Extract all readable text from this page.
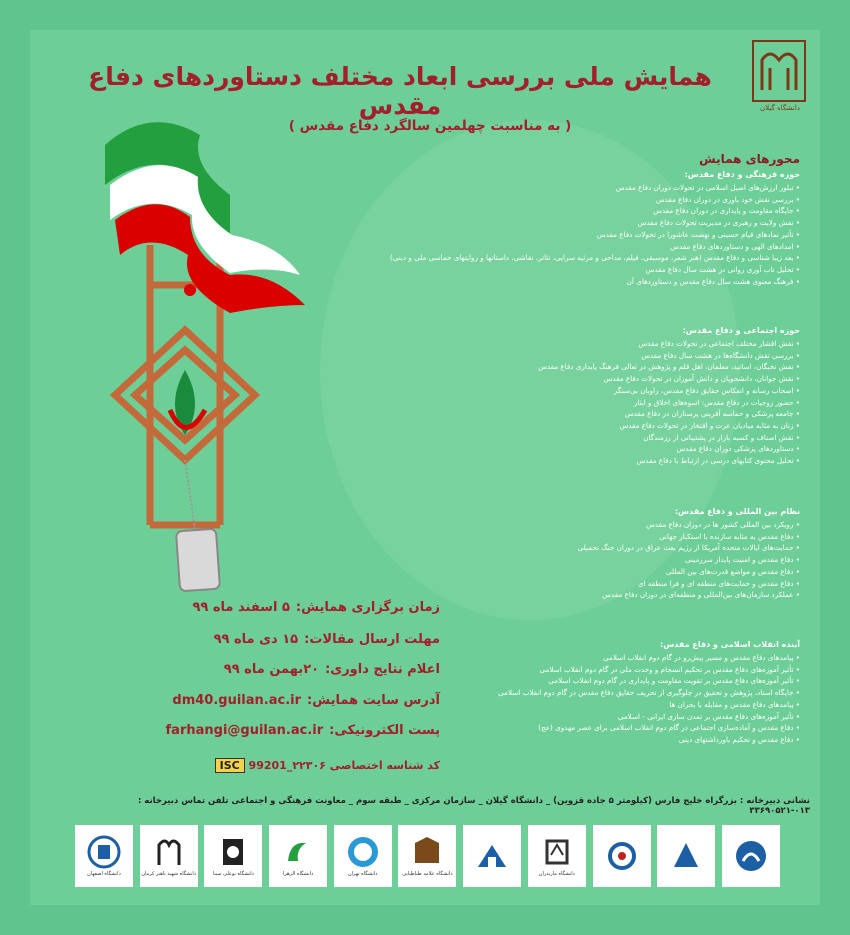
دانشگاه گیلان
همایش ملی بررسی ابعاد مختلف دستاوردهای دفاع مقدس
( به مناسبت چهلمین سالگرد دفاع مقدس )
محورهای همایش
حوزه فرهنگی و دفاع مقدس:
• تبلور ارزش‌های اصیل اسلامی در تحولات دوران دفاع مقدس
• بررسی نقش خود باوری در دوران دفاع مقدس
• جایگاه مقاومت و پایداری در دوران دفاع مقدس
• نقش ولایت و رهبری در مدیریت تحولات دفاع مقدس
• تأثیر نمادهای قیام حسینی و نهضت عاشورا در تحولات دفاع مقدس
• امدادهای الهی و دستاوردهای دفاع مقدس
• بعد زیبا شناسی و دفاع مقدس (هنر شعر، موسیقی، فیلم، مداحی و مرثیه سرایی، تئاتر، نقاشی، داستانها و روایتهای حماسی ملی و دینی)
• تحلیل تاب آوری روانی در هشت سال دفاع مقدس
• فرهنگ معنوی هشت سال دفاع مقدس و دستاوردهای آن
حوزه اجتماعی و دفاع مقدس:
• نقش اقشار مختلف اجتماعی در تحولات دفاع مقدس
• بررسی نقش دانشگاه‌ها در هشت سال دفاع مقدس
• نقش نخبگان، اساتید، معلمان، اهل قلم و پژوهش در تعالی فرهنگ پایداری دفاع مقدس
• نقش جوانان، دانشجویان و دانش آموزان در تحولات دفاع مقدس
• اصحاب رسانه و انعکاس حقایق دفاع مقدس، راویان بی‌سنگر
• حضور زوجیات در دفاع مقدس: اسوه‌های اخلاق و ایثار
• جامعه پزشکی و حماسه آفرینی پرستاران در دفاع مقدس
• زنان به مثابه میادیان عزت و افتخار در تحولات دفاع مقدس
• نقش اصناف و کسبه بازار در پشتیبانی از رزمندگان
• دستاوردهای پزشکی دوران دفاع مقدس
• تحلیل محتوی کتابهای درسی در ارتباط با دفاع مقدس
نظام بین المللی و دفاع مقدس:
• رویکرد بین المللی کشور ها در دوران دفاع مقدس
• دفاع مقدس به مثابه سازنده با استکبار جهانی
• حمایت‌های ایالات متحده آمریکا از رژیم بعث عراق در دوران جنگ تحمیلی
• دفاع مقدس و امنیت پایدار سرزمینی
• دفاع مقدس و مواضع قدرت‌های بین المللی
• دفاع مقدس و حمایت‌های منطقه ای و فرا منطقه ای
• عملکرد سازمان‌های بین‌المللی و منطقه‌ای در دوران دفاع مقدس
آینده انقلاب اسلامی و دفاع مقدس:
• پیامدهای دفاع مقدس و مسیر پیش‌رو در گام دوم انقلاب اسلامی
• تأثیر آموزه‌های دفاع مقدس بر تحکیم انسجام و وحدت ملی در گام دوم انقلاب اسلامی
• تأثیر آموزه‌های دفاع مقدس بر تقویت مقاومت و پایداری در گام دوم انقلاب اسلامی
• جایگاه اسناد، پژوهش و تحقیق در جلوگیری از تحریف حقایق دفاع مقدس در گام دوم انقلاب اسلامی
• پیامدهای دفاع مقدس و مقابله با بحران ها
• تأثیر آموزه‌های دفاع مقدس بر تمدن سازی ایرانی - اسلامی
• دفاع مقدس و آماده‌سازی اجتماعی در گام دوم انقلاب اسلامی برای عصر مهدوی (عج)
• دفاع مقدس و تحکیم باورداشتهای دینی
زمان برگزاری همایش:۵ اسفند ماه ۹۹
مهلت ارسال مقالات:۱۵ دی ماه ۹۹
اعلام نتایج داوری:۲۰بهمن ماه ۹۹
آدرس سایت همایش:dm40.guilan.ac.ir
پست الکترونیکی:farhangi@guilan.ac.ir
کد شناسه اختصاصی ۲۲۳۰۶_99201 ISC
نشانی دبیرخانه : بزرگراه خلیج فارس (کیلومتر ۵ جاده قزوین) _ دانشگاه گیلان _ سازمان مرکزی _ طبقه سوم _ معاونت فرهنگی و اجتماعی تلفن تماس دبیرخانه : ۰۱۳-۳۳۶۹۰۵۲۱
دانشگاه مازندران
دانشگاه علامه طباطبایی
دانشگاه تهران
دانشگاه الزهرا
دانشگاه بوعلی سینا
دانشگاه شهید باهنر کرمان
دانشگاه اصفهان
